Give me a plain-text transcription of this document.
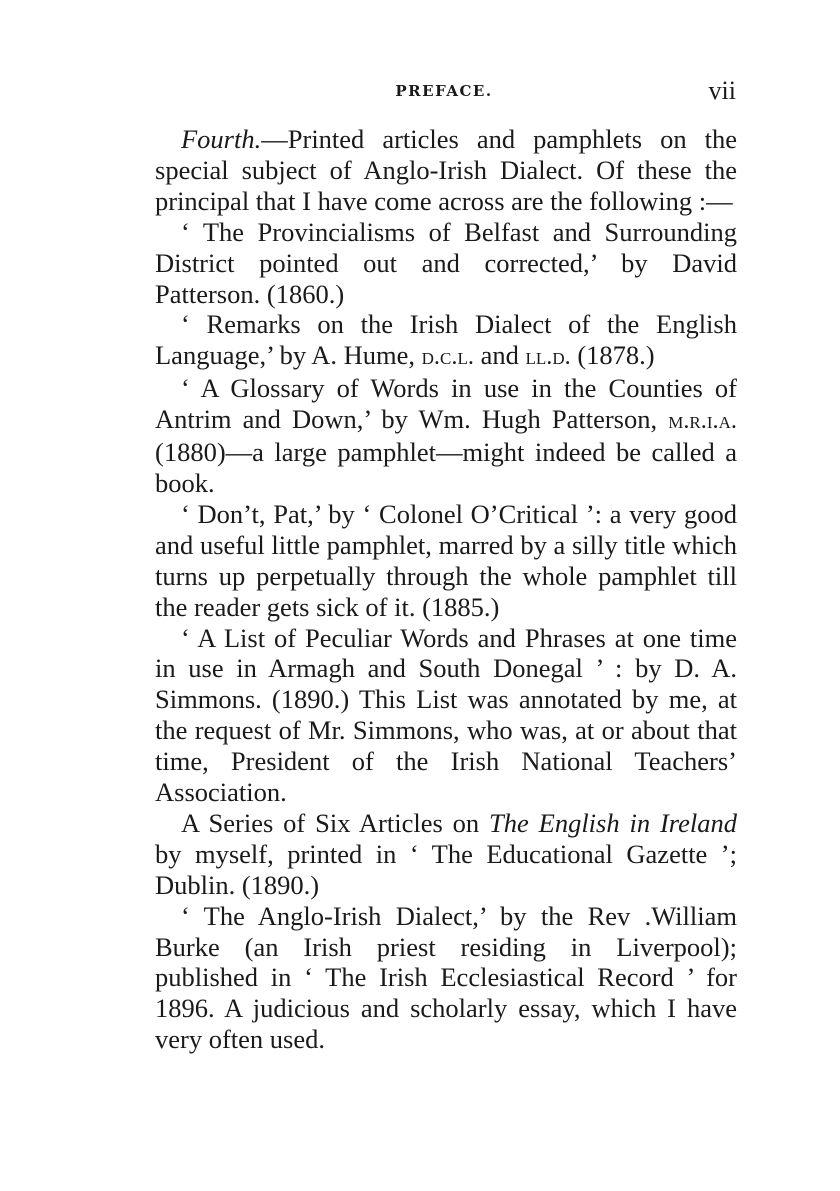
PREFACE.	vii

Fourth.—Printed articles and pamphlets on the special subject of Anglo-Irish Dialect. Of these the principal that I have come across are the following :—

‘ The Provincialisms of Belfast and Surrounding District pointed out and corrected,’ by David Patterson. (1860.)

‘ Remarks on the Irish Dialect of the English Language,’ by A. Hume, d.c.l. and ll.d. (1878.)

‘ A Glossary of Words in use in the Counties of Antrim and Down,’ by Wm. Hugh Patterson, m.r.i.a. (1880)—a large pamphlet—might indeed be called a book.

‘ Don’t, Pat,’ by ‘ Colonel O’Critical ’: a very good and useful little pamphlet, marred by a silly title which turns up perpetually through the whole pamphlet till the reader gets sick of it. (1885.)

‘ A List of Peculiar Words and Phrases at one time in use in Armagh and South Donegal ’ : by D. A. Simmons. (1890.) This List was annotated by me, at the request of Mr. Simmons, who was, at or about that time, President of the Irish National Teachers’ Association.

A Series of Six Articles on The English in Ireland by myself, printed in ‘ The Educational Gazette ’; Dublin. (1890.)

‘ The Anglo-Irish Dialect,’ by the Rev .William Burke (an Irish priest residing in Liverpool); published in ‘ The Irish Ecclesiastical Record ’ for 1896. A judicious and scholarly essay, which I have very often used.
